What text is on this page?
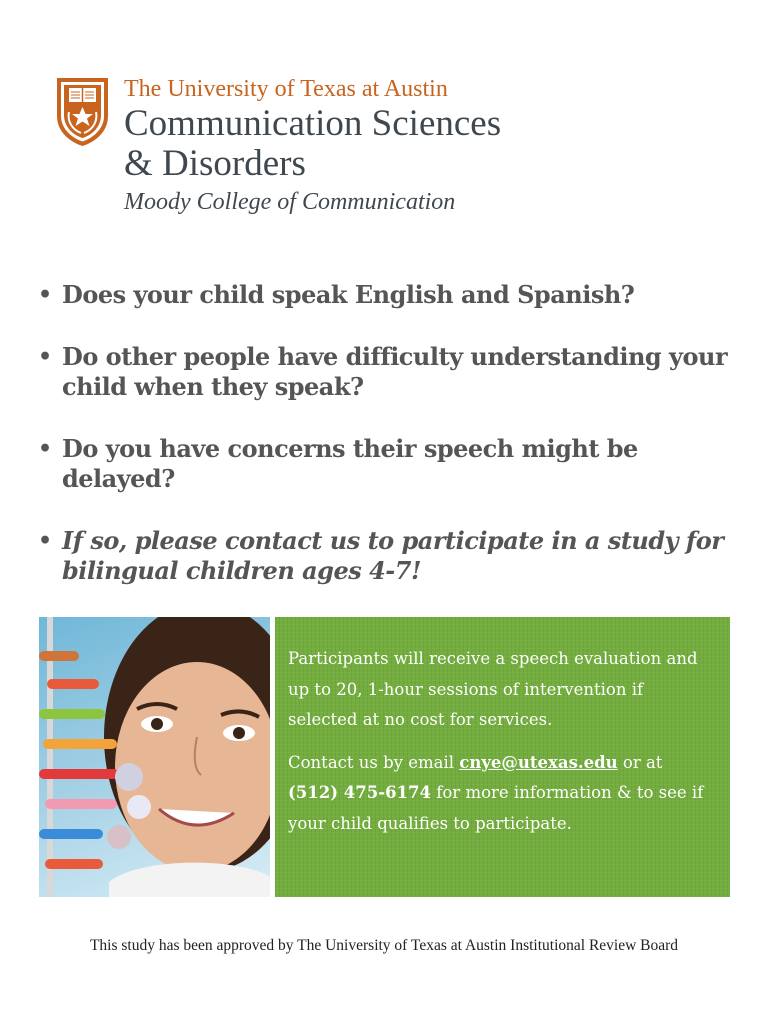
The University of Texas at Austin
Communication Sciences
& Disorders
Moody College of Communication
• Does your child speak English and Spanish?
• Do other people have difficulty understanding your child when they speak?
• Do you have concerns their speech might be delayed?
• If so, please contact us to participate in a study for bilingual children ages 4-7!

Participants will receive a speech evaluation and up to 20, 1-hour sessions of intervention if selected at no cost for services.

Contact us by email cnye@utexas.edu or at (512) 475-6174 for more information & to see if your child qualifies to participate.

This study has been approved by The University of Texas at Austin Institutional Review Board
